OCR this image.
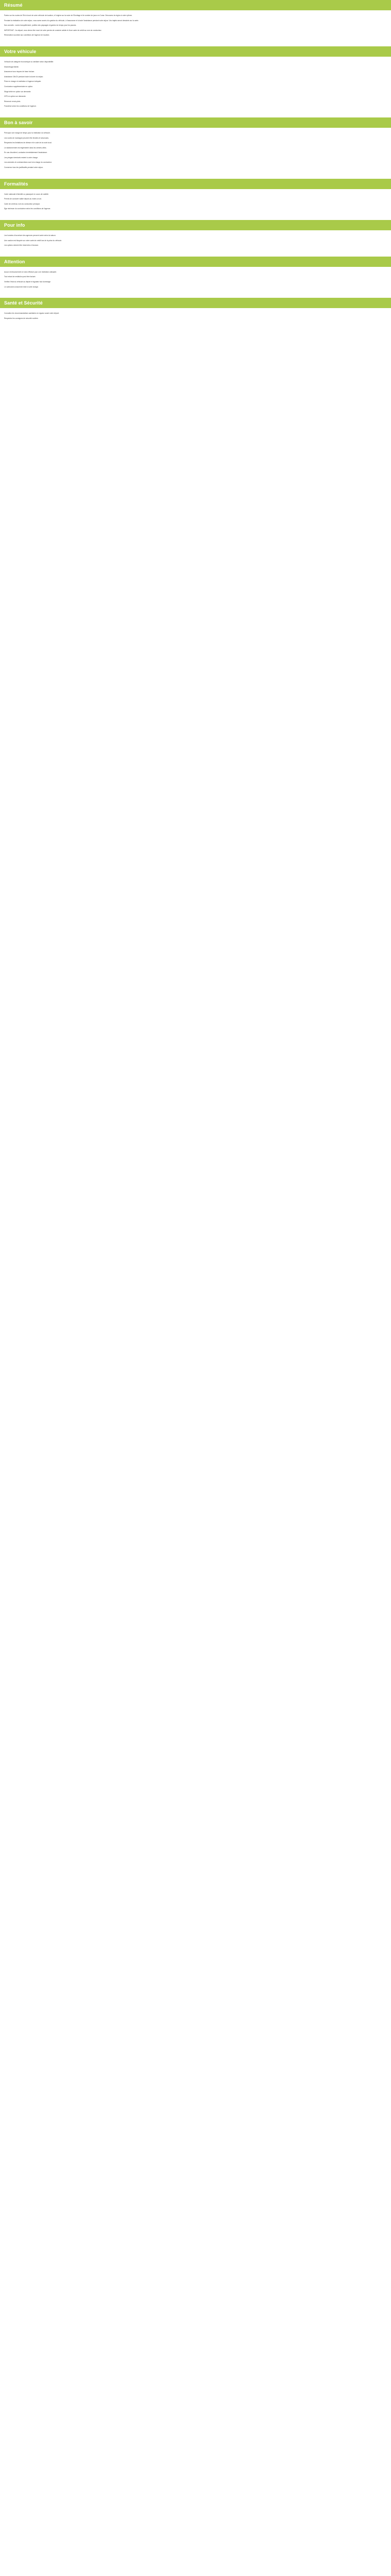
Résumé

Partez sur les routes de l'Est à bord de votre véhicule de location, à l'origine sur la route de l'Ermitage et le nombre de jours en Corse. Découvrez la région à votre rythme.

Pendant la réalisation de votre séjour, vous aurez accès à la gestion du véhicule, à l'assurance et à toute l'assistance pendant votre séjour. Vos trajets seront dessinés sur la carte.

Nos conseils : roulez tranquillement, profitez des paysages et gardez du temps pour les pauses.

IMPORTANT : Au départ, vous devez être muni de votre permis de conduire valide et d'une carte de crédit au nom du conducteur.

Réservation soumise aux conditions de l'agence de location.

Votre véhicule

Véhicule de catégorie économique ou similaire selon disponibilité.

Kilométrage illimité.

Assurance tous risques de base incluse.

Assistance 24h/24 pendant toute la durée du séjour.

Prise en charge et restitution à l'agence indiquée.

Conducteur supplémentaire en option.

Siège bébé en option sur demande.

GPS en option sur demande.

Réservoir rendu plein.

Franchise selon les conditions de l'agence.

Bon à savoir

Prévoyez une marge de temps pour la restitution du véhicule.

Les routes de montagne peuvent être étroites et sinueuses.

Respectez les limitations de vitesse et le code de la route local.

Le stationnement est réglementé dans les centres-villes.

En cas d'accident, contactez immédiatement l'assistance.

Les péages éventuels restent à votre charge.

Les amendes et contraventions sont à la charge du conducteur.

Conservez tous les justificatifs pendant votre séjour.

Formalités

Carte nationale d'identité ou passeport en cours de validité.

Permis de conduire valide depuis au moins un an.

Carte de crédit au nom du conducteur principal.

Âge minimum du conducteur selon les conditions de l'agence.

Pour info

Les horaires d'ouverture des agences peuvent varier selon la saison.

Une caution est bloquée sur votre carte de crédit lors de la prise du véhicule.

Les options doivent être réservées à l'avance.

Attention

Aucun remboursement ne sera effectué pour une restitution anticipée.

Tout retard de restitution peut être facturé.

Vérifiez l'état du véhicule au départ et signalez tout dommage.

Le carburant consommé reste à votre charge.

Santé et Sécurité

Consultez les recommandations sanitaires en vigueur avant votre départ.

Respectez les consignes de sécurité routière.
